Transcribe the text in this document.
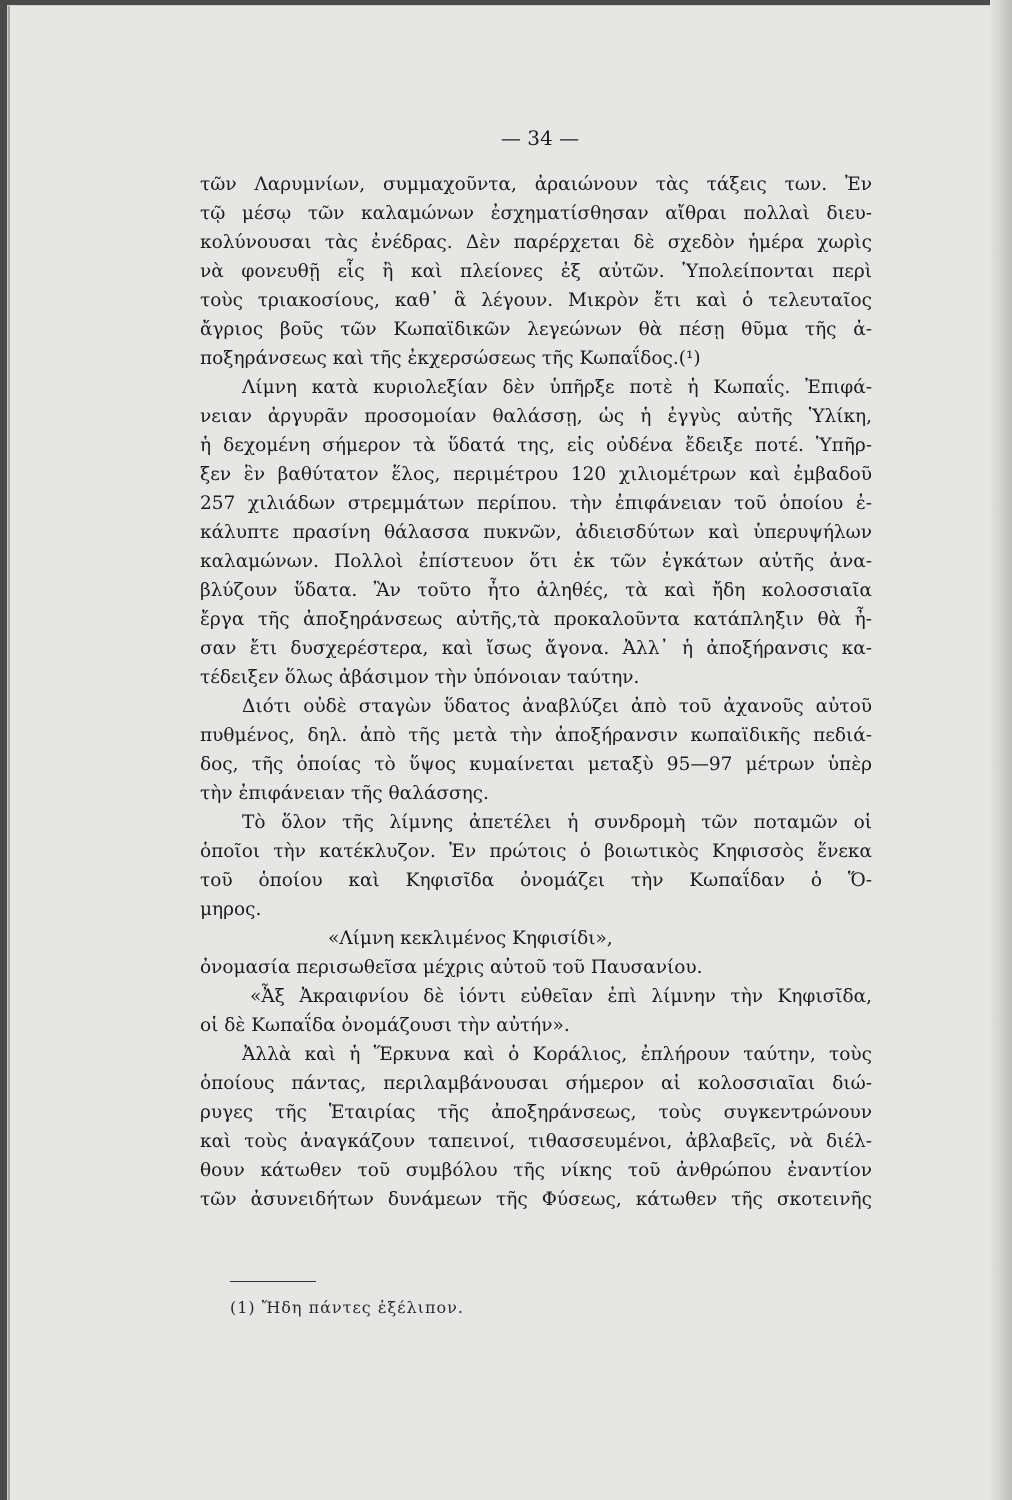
— 34 —
τῶν Λαρυμνίων, συμμαχοῦντα, ἀραιώνουν τὰς τάξεις των. Ἐν
τῷ μέσῳ τῶν καλαμώνων ἐσχηματίσθησαν αἴθραι πολλαὶ διευ-
κολύνουσαι τὰς ἐνέδρας. Δὲν παρέρχεται δὲ σχεδὸν ἡμέρα χωρὶς
νὰ φονευθῇ εἷς ἢ καὶ πλείονες ἐξ αὐτῶν. Ὑπολείπονται περὶ
τοὺς τριακοσίους, καθ᾽ ἃ λέγουν. Μικρὸν ἔτι καὶ ὁ τελευταῖος
ἄγριος βοῦς τῶν Κωπαϊδικῶν λεγεώνων θὰ πέσῃ θῦμα τῆς ἀ-
ποξηράνσεως καὶ τῆς ἐκχερσώσεως τῆς Κωπαΐδος.(¹)
Λίμνη κατὰ κυριολεξίαν δὲν ὑπῆρξε ποτὲ ἡ Κωπαΐς. Ἐπιφά-
νειαν ἀργυρᾶν προσομοίαν θαλάσσῃ, ὡς ἡ ἐγγὺς αὐτῆς Ὑλίκη,
ἡ δεχομένη σήμερον τὰ ὕδατά της, εἰς οὐδένα ἔδειξε ποτέ. Ὑπῆρ-
ξεν ἓν βαθύτατον ἕλος, περιμέτρου 120 χιλιομέτρων καὶ ἐμβαδοῦ
257 χιλιάδων στρεμμάτων περίπου. τὴν ἐπιφάνειαν τοῦ ὁποίου ἐ-
κάλυπτε πρασίνη θάλασσα πυκνῶν, ἀδιεισδύτων καὶ ὑπερυψήλων
καλαμώνων. Πολλοὶ ἐπίστευον ὅτι ἐκ τῶν ἐγκάτων αὐτῆς ἀνα-
βλύζουν ὕδατα. Ἂν τοῦτο ἦτο ἀληθές, τὰ καὶ ἤδη κολοσσιαῖα
ἔργα τῆς ἀποξηράνσεως αὐτῆς,τὰ προκαλοῦντα κατάπληξιν θὰ ἦ-
σαν ἔτι δυσχερέστερα, καὶ ἴσως ἄγονα. Ἀλλ᾽ ἡ ἀποξήρανσις κα-
τέδειξεν ὅλως ἀβάσιμον τὴν ὑπόνοιαν ταύτην.
Διότι οὐδὲ σταγὼν ὕδατος ἀναβλύζει ἀπὸ τοῦ ἀχανοῦς αὐτοῦ
πυθμένος, δηλ. ἀπὸ τῆς μετὰ τὴν ἀποξήρανσιν κωπαϊδικῆς πεδιά-
δος, τῆς ὁποίας τὸ ὕψος κυμαίνεται μεταξὺ 95—97 μέτρων ὑπὲρ
τὴν ἐπιφάνειαν τῆς θαλάσσης.
Τὸ ὅλον τῆς λίμνης ἀπετέλει ἡ συνδρομὴ τῶν ποταμῶν οἱ
ὁποῖοι τὴν κατέκλυζον. Ἐν πρώτοις ὁ βοιωτικὸς Κηφισσὸς ἕνεκα
τοῦ ὁποίου καὶ Κηφισῖδα ὀνομάζει τὴν Κωπαΐδαν ὁ Ὅ-
μηρος.
«Λίμνη κεκλιμένος Κηφισίδι»,
ὀνομασία περισωθεῖσα μέχρις αὐτοῦ τοῦ Παυσανίου.
«Ἆξ Ἀκραιφνίου δὲ ἰόντι εὐθεῖαν ἐπὶ λίμνην τὴν Κηφισῖδα,
οἱ δὲ Κωπαΐδα ὀνομάζουσι τὴν αὐτήν».
Ἀλλὰ καὶ ἡ Ἕρκυνα καὶ ὁ Κοράλιος, ἐπλήρουν ταύτην, τοὺς
ὁποίους πάντας, περιλαμβάνουσαι σήμερον αἱ κολοσσιαῖαι διώ-
ρυγες τῆς Ἑταιρίας τῆς ἀποξηράνσεως, τοὺς συγκεντρώνουν
καὶ τοὺς ἀναγκάζουν ταπεινοί, τιθασσευμένοι, ἀβλαβεῖς, νὰ διέλ-
θουν κάτωθεν τοῦ συμβόλου τῆς νίκης τοῦ ἀνθρώπου ἐναντίον
τῶν ἀσυνειδήτων δυνάμεων τῆς Φύσεως, κάτωθεν τῆς σκοτεινῆς
(1) Ἤδη πάντες ἐξέλιπον.
